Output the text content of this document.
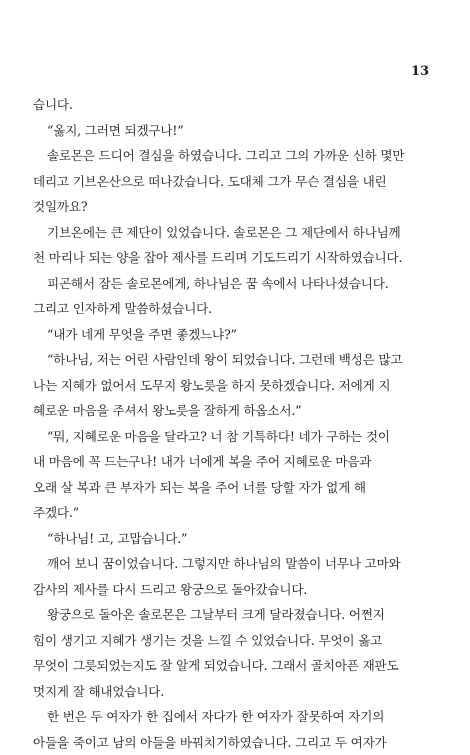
13
습니다.
“옳지, 그러면 되겠구나!”
솔로몬은 드디어 결심을 하였습니다. 그리고 그의 가까운 신하 몇만
데리고 기브온산으로 떠나갔습니다. 도대체 그가 무슨 결심을 내린
것일까요?
기브온에는 큰 제단이 있었습니다. 솔로몬은 그 제단에서 하나님께
천 마리나 되는 양을 잡아 제사를 드리며 기도드리기 시작하였습니다.
피곤해서 잠든 솔로몬에게, 하나님은 꿈 속에서 나타나셨습니다.
그리고 인자하게 말씀하셨습니다.
“내가 네게 무엇을 주면 좋겠느냐?”
“하나님, 저는 어린 사람인데 왕이 되었습니다. 그런데 백성은 많고
나는 지혜가 없어서 도무지 왕노릇을 하지 못하겠습니다. 저에게 지
혜로운 마음을 주셔서 왕노릇을 잘하게 하옵소서.”
“뭐, 지혜로운 마음을 달라고? 너 참 기특하다! 네가 구하는 것이
내 마음에 꼭 드는구나! 내가 너에게 복을 주어 지혜로운 마음과
오래 살 복과 큰 부자가 되는 복을 주어 너를 당할 자가 없게 해
주겠다.”
“하나님! 고, 고맙습니다.”
깨어 보니 꿈이었습니다. 그렇지만 하나님의 말씀이 너무나 고마와
감사의 제사를 다시 드리고 왕궁으로 돌아갔습니다.
왕궁으로 돌아온 솔로몬은 그날부터 크게 달라졌습니다. 어쩐지
힘이 생기고 지혜가 생기는 것을 느낄 수 있었습니다. 무엇이 옳고
무엇이 그릇되었는지도 잘 알게 되었습니다. 그래서 골치아픈 재판도
멋지게 잘 해내었습니다.
한 번은 두 여자가 한 집에서 자다가 한 여자가 잘못하여 자기의
아들을 죽이고 남의 아들을 바꿔치기하였습니다. 그리고 두 여자가
